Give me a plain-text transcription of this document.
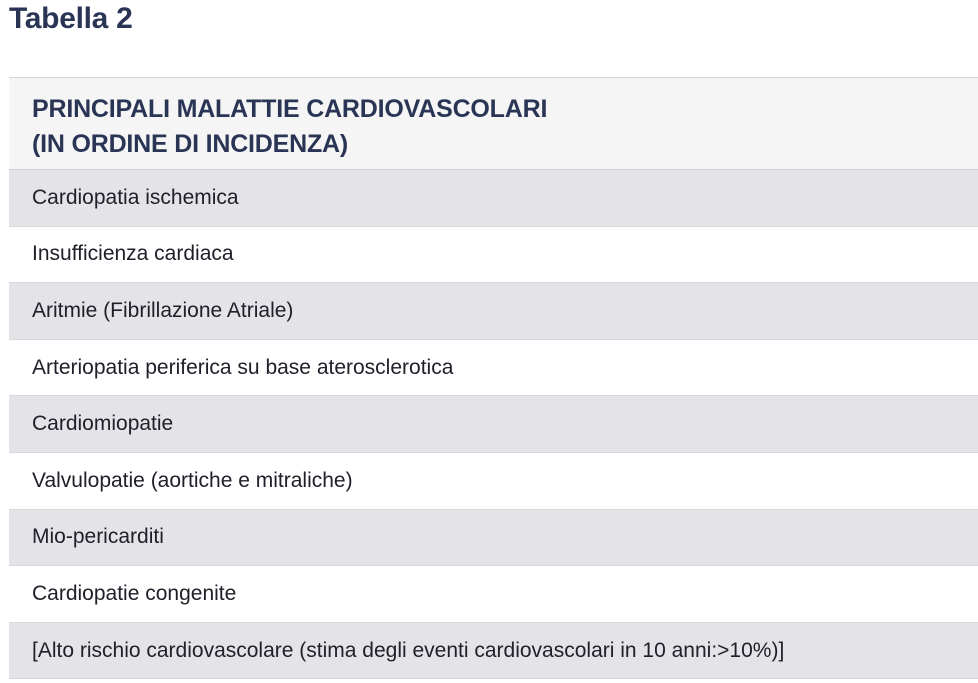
Tabella 2
PRINCIPALI MALATTIE CARDIOVASCOLARI
(IN ORDINE DI INCIDENZA)
Cardiopatia ischemica
Insufficienza cardiaca
Aritmie (Fibrillazione Atriale)
Arteriopatia periferica su base aterosclerotica
Cardiomiopatie
Valvulopatie (aortiche e mitraliche)
Mio-pericarditi
Cardiopatie congenite
[Alto rischio cardiovascolare (stima degli eventi cardiovascolari in 10 anni:>10%)]
